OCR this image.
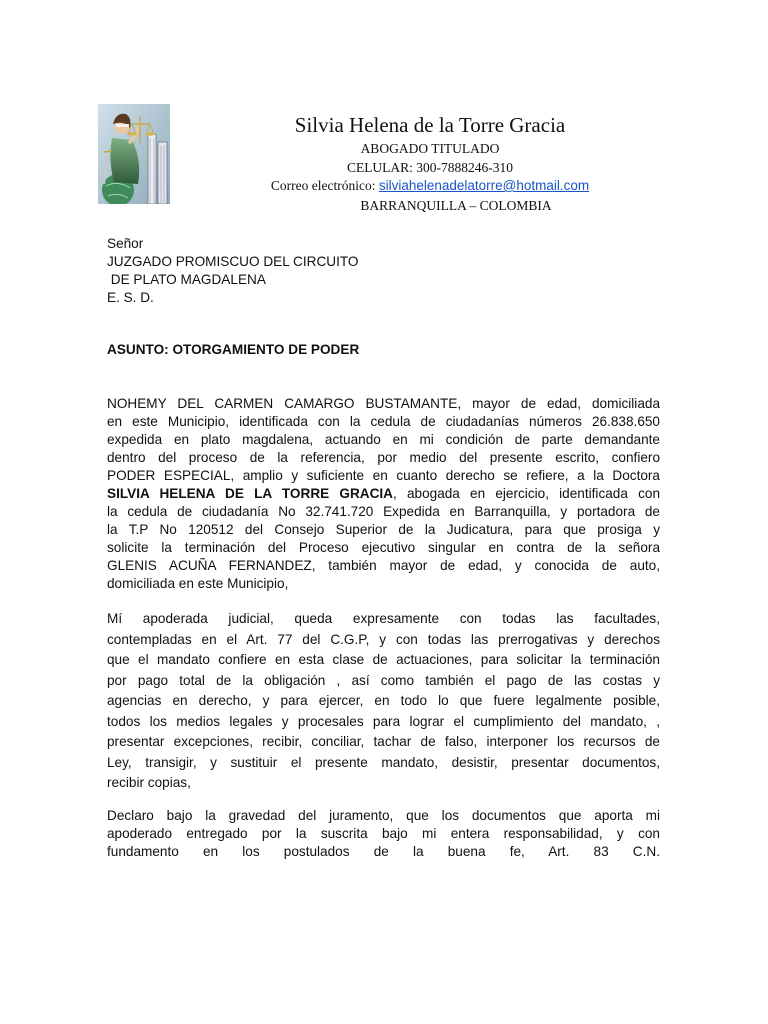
Silvia Helena de la Torre Gracia
ABOGADO TITULADO
CELULAR: 300-7888246-310
Correo electrónico: silviahelenadelatorre@hotmail.com
BARRANQUILLA – COLOMBIA
Señor
JUZGADO PROMISCUO DEL CIRCUITO
DE PLATO MAGDALENA
E. S. D.
ASUNTO: OTORGAMIENTO DE PODER
NOHEMY DEL CARMEN CAMARGO BUSTAMANTE, mayor de edad, domiciliada
en este Municipio, identificada con la cedula de ciudadanías números 26.838.650
expedida en plato magdalena, actuando en mi condición de parte demandante
dentro del proceso de la referencia, por medio del presente escrito, confiero
PODER ESPECIAL, amplio y suficiente en cuanto derecho se refiere, a la Doctora
SILVIA HELENA DE LA TORRE GRACIA, abogada en ejercicio, identificada con
la cedula de ciudadanía No 32.741.720 Expedida en Barranquilla, y portadora de
la T.P No 120512 del Consejo Superior de la Judicatura, para que prosiga y
solicite la terminación del Proceso ejecutivo singular en contra de la señora
GLENIS ACUÑA FERNANDEZ, también mayor de edad, y conocida de auto,
domiciliada en este Municipio,
Mí apoderada judicial, queda expresamente con todas las facultades,
contempladas en el Art. 77 del C.G.P, y con todas las prerrogativas y derechos
que el mandato confiere en esta clase de actuaciones, para solicitar la terminación
por pago total de la obligación , así como también el pago de las costas y
agencias en derecho, y para ejercer, en todo lo que fuere legalmente posible,
todos los medios legales y procesales para lograr el cumplimiento del mandato, ,
presentar excepciones, recibir, conciliar, tachar de falso, interponer los recursos de
Ley, transigir, y sustituir el presente mandato, desistir, presentar documentos,
recibir copias,
Declaro bajo la gravedad del juramento, que los documentos que aporta mi
apoderado entregado por la suscrita bajo mi entera responsabilidad, y con
fundamento en los postulados de la buena fe, Art. 83 C.N.
